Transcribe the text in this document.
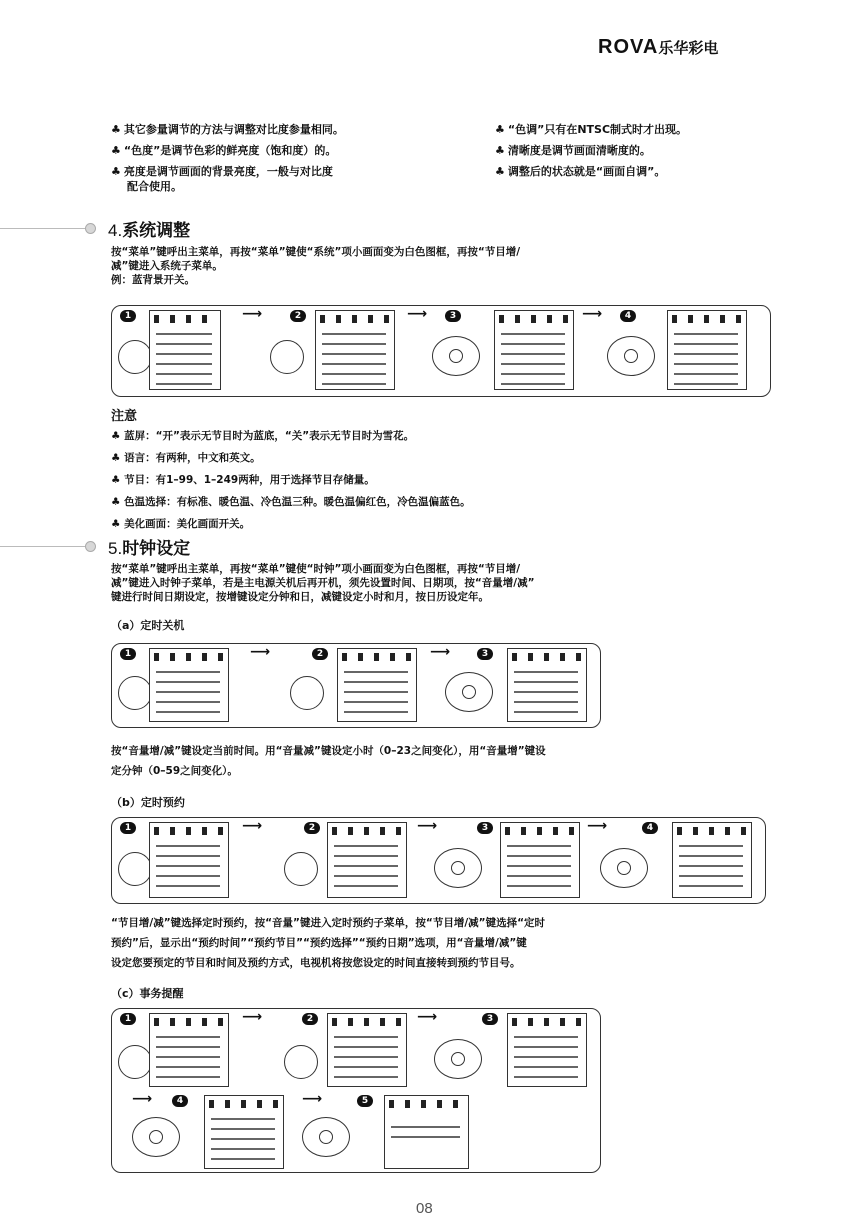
ROVA乐华彩电
♣ 其它参量调节的方法与调整对比度参量相同。
♣ “色度”是调节色彩的鲜亮度（饱和度）的。
♣ 亮度是调节画面的背景亮度，一般与对比度
配合使用。
♣ “色调”只有在NTSC制式时才出现。
♣ 清晰度是调节画面清晰度的。
♣ 调整后的状态就是“画面自调”。
4.系统调整
按“菜单”键呼出主菜单，再按“菜单”键使“系统”项小画面变为白色图框，再按“节目增/
减”键进入系统子菜单。
例：蓝背景开关。
1	⟶	2	⟶	3	⟶	4
注意
♣ 蓝屏：“开”表示无节目时为蓝底，“关”表示无节目时为雪花。
♣ 语言：有两种，中文和英文。
♣ 节目：有1–99、1–249两种，用于选择节目存储量。
♣ 色温选择：有标准、暖色温、冷色温三种。暖色温偏红色，冷色温偏蓝色。
♣ 美化画面：美化画面开关。
5.时钟设定
按“菜单”键呼出主菜单，再按“菜单”键使“时钟”项小画面变为白色图框，再按“节目增/
减”键进入时钟子菜单，若是主电源关机后再开机，须先设置时间、日期项，按“音量增/减”
键进行时间日期设定，按增键设定分钟和日，减键设定小时和月，按日历设定年。
（a）定时关机
1	⟶	2	⟶	3
按“音量增/减”键设定当前时间。用“音量减”键设定小时（0–23之间变化），用“音量增”键设
定分钟（0–59之间变化）。
（b）定时预约
1	⟶	2	⟶	3	⟶	4
“节目增/减”键选择定时预约，按“音量”键进入定时预约子菜单，按“节目增/减”键选择“定时
预约”后，显示出“预约时间”“预约节目”“预约选择”“预约日期”选项，用“音量增/减”键
设定您要预定的节目和时间及预约方式，电视机将按您设定的时间直接转到预约节目号。
（c）事务提醒
1	⟶	2	⟶	3
⟶	4	⟶	5
08
